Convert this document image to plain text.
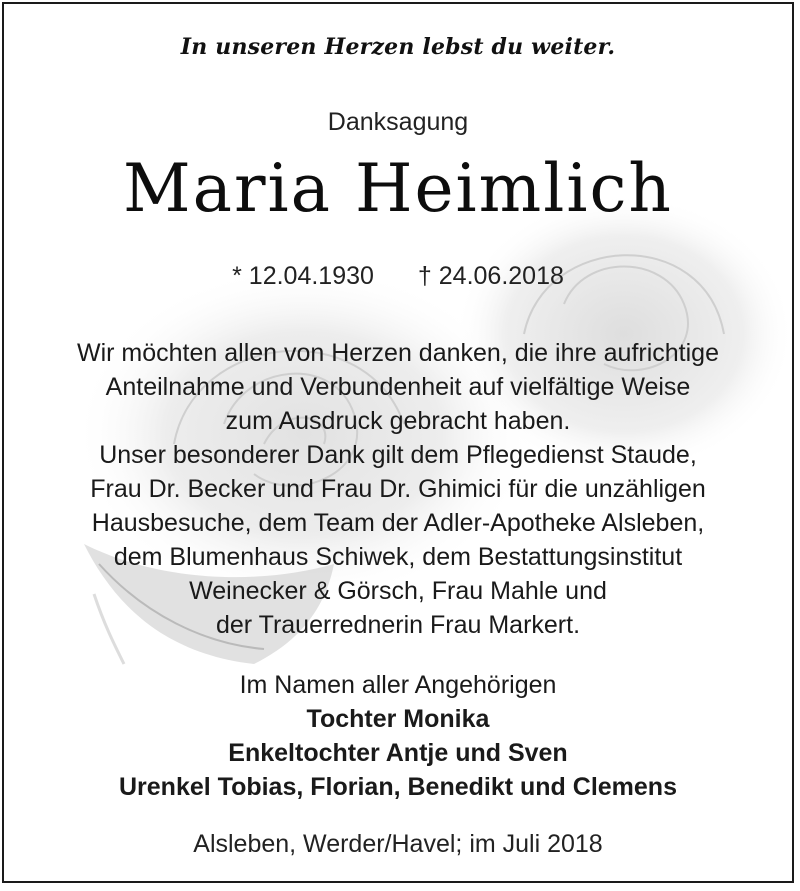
In unseren Herzen lebst du weiter.
Danksagung
Maria Heimlich
* 12.04.1930 † 24.06.2018
Wir möchten allen von Herzen danken, die ihre aufrichtige
Anteilnahme und Verbundenheit auf vielfältige Weise
zum Ausdruck gebracht haben.
Unser besonderer Dank gilt dem Pflegedienst Staude,
Frau Dr. Becker und Frau Dr. Ghimici für die unzähligen
Hausbesuche, dem Team der Adler-Apotheke Alsleben,
dem Blumenhaus Schiwek, dem Bestattungsinstitut
Weinecker & Görsch, Frau Mahle und
der Trauerrednerin Frau Markert.
Im Namen aller Angehörigen
Tochter Monika
Enkeltochter Antje und Sven
Urenkel Tobias, Florian, Benedikt und Clemens
Alsleben, Werder/Havel; im Juli 2018
